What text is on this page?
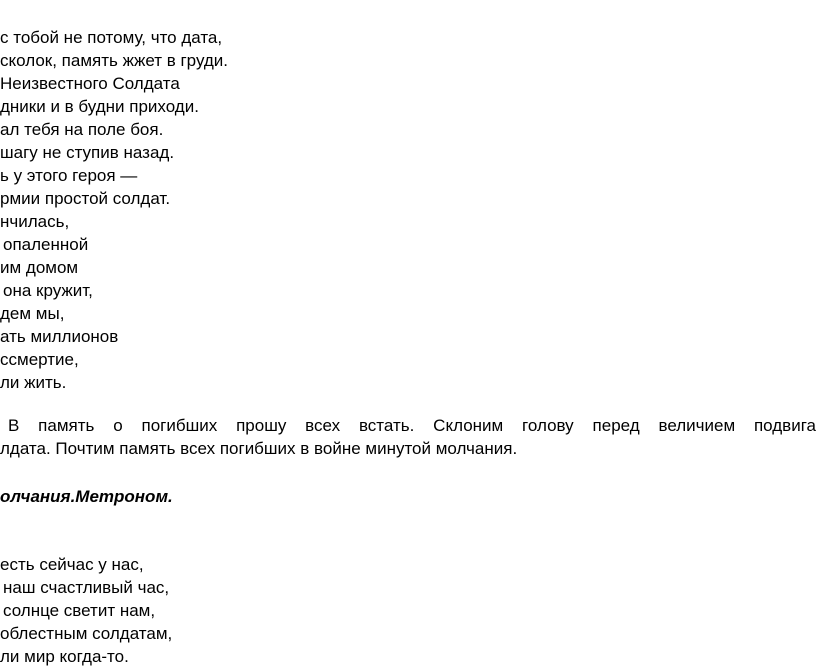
с тобой не потому, что дата,
сколок, память жжет в груди.
Неизвестного Солдата
дники и в будни приходи.
ал тебя на поле боя.
шагу не ступив назад.
ь у этого героя —
рмии простой солдат.
нчилась,
опаленной
им домом
она кружит,
дем мы,
ать миллионов
ссмертие,
ли жить.
В память о погибших прошу всех встать. Склоним голову перед величием подвига
лдата. Почтим память всех погибших в войне минутой молчания.
олчания.Метроном.
есть сейчас у нас,
наш счастливый час,
солнце светит нам,
облестным солдатам,
ли мир когда-то.
